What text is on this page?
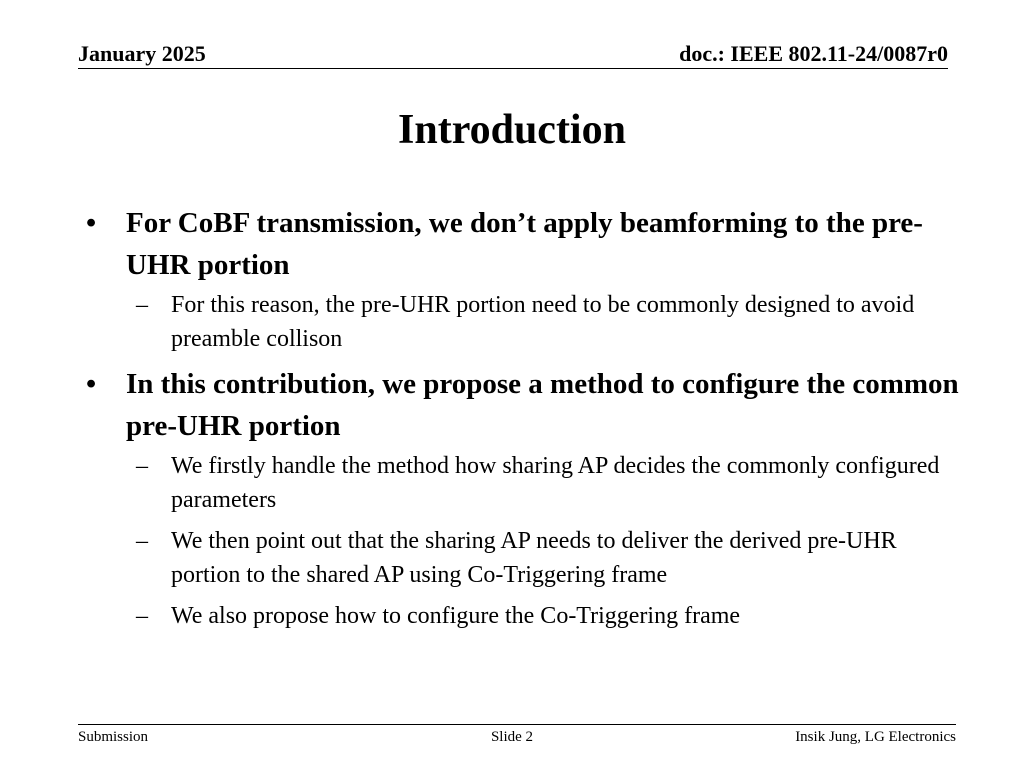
January 2025	doc.: IEEE 802.11-24/0087r0
Introduction
• For CoBF transmission, we don’t apply beamforming to the pre-UHR portion
– For this reason, the pre-UHR portion need to be commonly designed to avoid preamble collison
• In this contribution, we propose a method to configure the common pre-UHR portion
– We firstly handle the method how sharing AP decides the commonly configured parameters
– We then point out that the sharing AP needs to deliver the derived pre-UHR portion to the shared AP using Co-Triggering frame
– We also propose how to configure the Co-Triggering frame
Submission	Slide 2	Insik Jung, LG Electronics
